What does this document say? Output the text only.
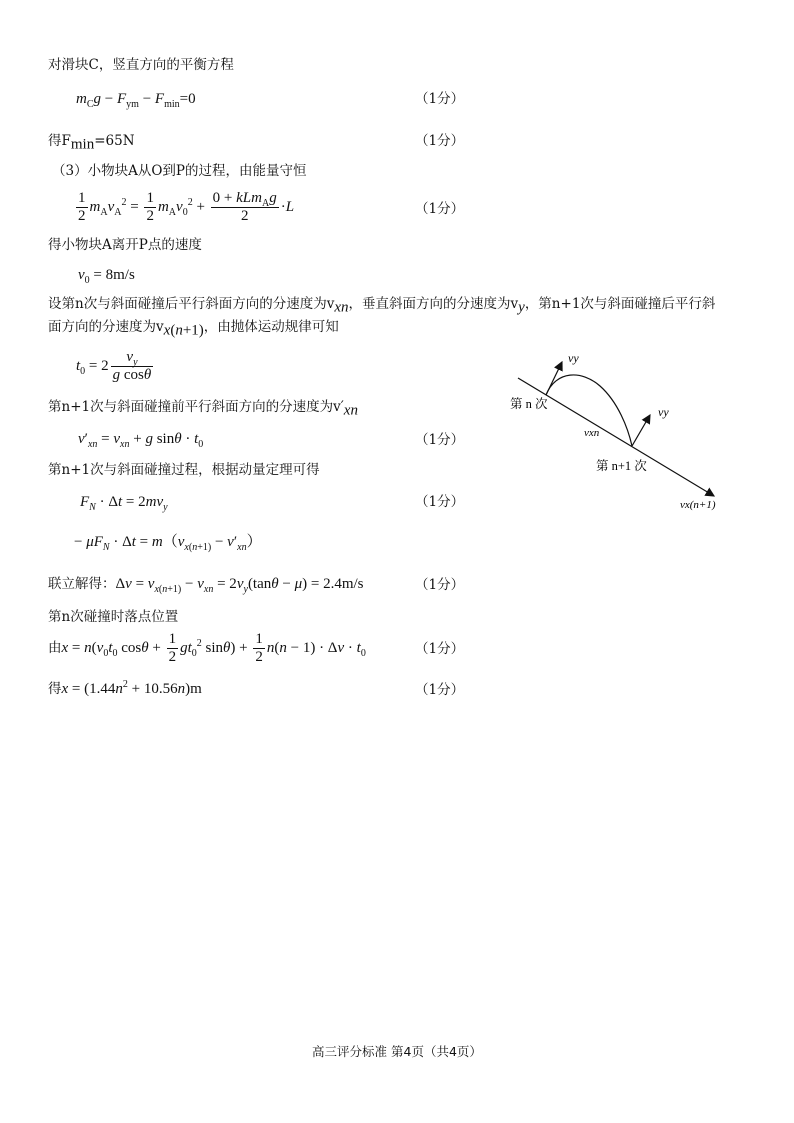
对滑块C，竖直方向的平衡方程
$m_Cg - F_{ym} - F_{min}=0$	（1分）
得$F_{min}=65N$	（1分）
（3）小物块A从O到P的过程，由能量守恒
$\frac{1}{2} m_Av_A^2 = \frac{1}{2} m_Av_0^2 + \frac{0 + kLm_Ag}{2} \cdot L$	（1分）
得小物块A离开P点的速度
$v_0 = 8m/s$
设第n次与斜面碰撞后平行斜面方向的分速度为$v_{xn}$，垂直斜面方向的分速度为$v_y$，第n+1次与斜面碰撞后平行斜
面方向的分速度为$v_{x(n+1)}$，由抛体运动规律可知
$t_0 = 2 \frac{v_y}{\text{g cosθ}}$
第n+1次与斜面碰撞前平行斜面方向的分速度为$v'_{xn}$
$v'_{xn} = v_{xn} + g$ $\sin\theta \cdot t_0$	（1分）
第n+1次与斜面碰撞过程，根据动量定理可得
$F_N \cdot \Delta t = 2mv_y$	（1分）
− $\mu F_N \cdot \Delta t = m(v_{x(n+1)} - v'_{xn})$
联立解得：$\Delta v = v_{x(n+1)} - v_{xn} = 2v_y(\tan\theta - \mu) = 2.4m/s$	（1分）
第n次碰撞时落点位置
由$x = n(v_0t_0$ $\cos\theta + \frac{1}{2} gt_0^2$ $\sin\theta) + \frac{1}{2} n(n - 1) \cdot \Delta v \cdot t_0$	（1分）
得$x = (1.44n^2 + 10.56n)m$	（1分）
vy
vy
vxn
vx(n+1)
第 n 次
第 n+1 次
高三评分标准 第4页（共4页）
